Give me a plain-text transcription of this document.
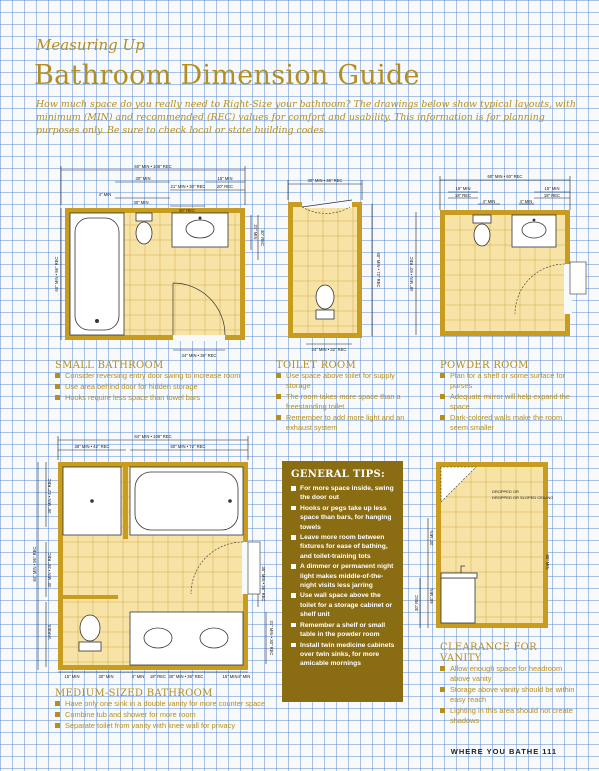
Measuring Up
Bathroom Dimension Guide
How much space do you really need to Right-Size your bathroom? The drawings below show typical layouts, with minimum (MIN) and recommended (REC) values for comfort and usability. This information is for planning purposes only. Be sure to check local or state building codes.
60" MIN • 108" REC
30" MIN
21" MIN • 30" REC
15" MIN
20" REC
4" MIN
30" MIN
30" REC
34" MIN • 36" REC
60" MIN • 96" REC
21" MIN 30" REC
30" MIN • 36" REC
24" MIN • 32" REC
60" MIN • 72" REC
60" MIN • 60" REC
15" MIN
18" REC
4" MIN
15" MIN
18" REC
4" MIN
48" MIN • 60" REC
84" MIN • 108" REC
36" MIN • 42" REC	60" MIN • 72" REC
36" MIN • 42" REC
84" MIN • 96" REC 30" MIN • 36" REC
VARIES
30" MIN • 36" REC
21" MIN • 30" REC
15" MIN	30" MIN	30" MIN • 36" REC	15" MIN
4" MIN	4" MIN
18" REC
DROPPED OR
DROPPED OR SLOPED CEILING
30" MIN
60" MIN
30" REC
80" MIN
SMALL BATHROOM
Consider reversing entry door swing to increase room
Use area behind door for hidden storage
Hooks require less space than towel bars
TOILET ROOM
Use space above toilet for supply storage
The room takes more space than a freestanding toilet
Remember to add more light and an exhaust system
POWDER ROOM
Plan for a shelf or some surface for purses
Adequate mirror will help expand the space
Dark-colored walls make the room seem smaller
MEDIUM-SIZED BATHROOM
Have only one sink in a double vanity for more counter space
Combine tub and shower for more room
Separate toilet from vanity with knee wall for privacy
CLEARANCE FOR VANITY
Allow enough space for headroom above vanity
Storage above vanity should be within easy reach
Lighting in this area should not create shadows
GENERAL TIPS:
For more space inside, swing the door out
Hooks or pegs take up less space than bars, for hanging towels
Leave more room between fixtures for ease of bathing, and toilet-training tots
A dimmer or permanent night light makes middle-of-the-night visits less jarring
Use wall space above the toilet for a storage cabinet or shelf unit
Remember a shelf or small table in the powder room
Install twin medicine cabinets over twin sinks, for more amicable mornings
WHERE YOU BATHE 111
